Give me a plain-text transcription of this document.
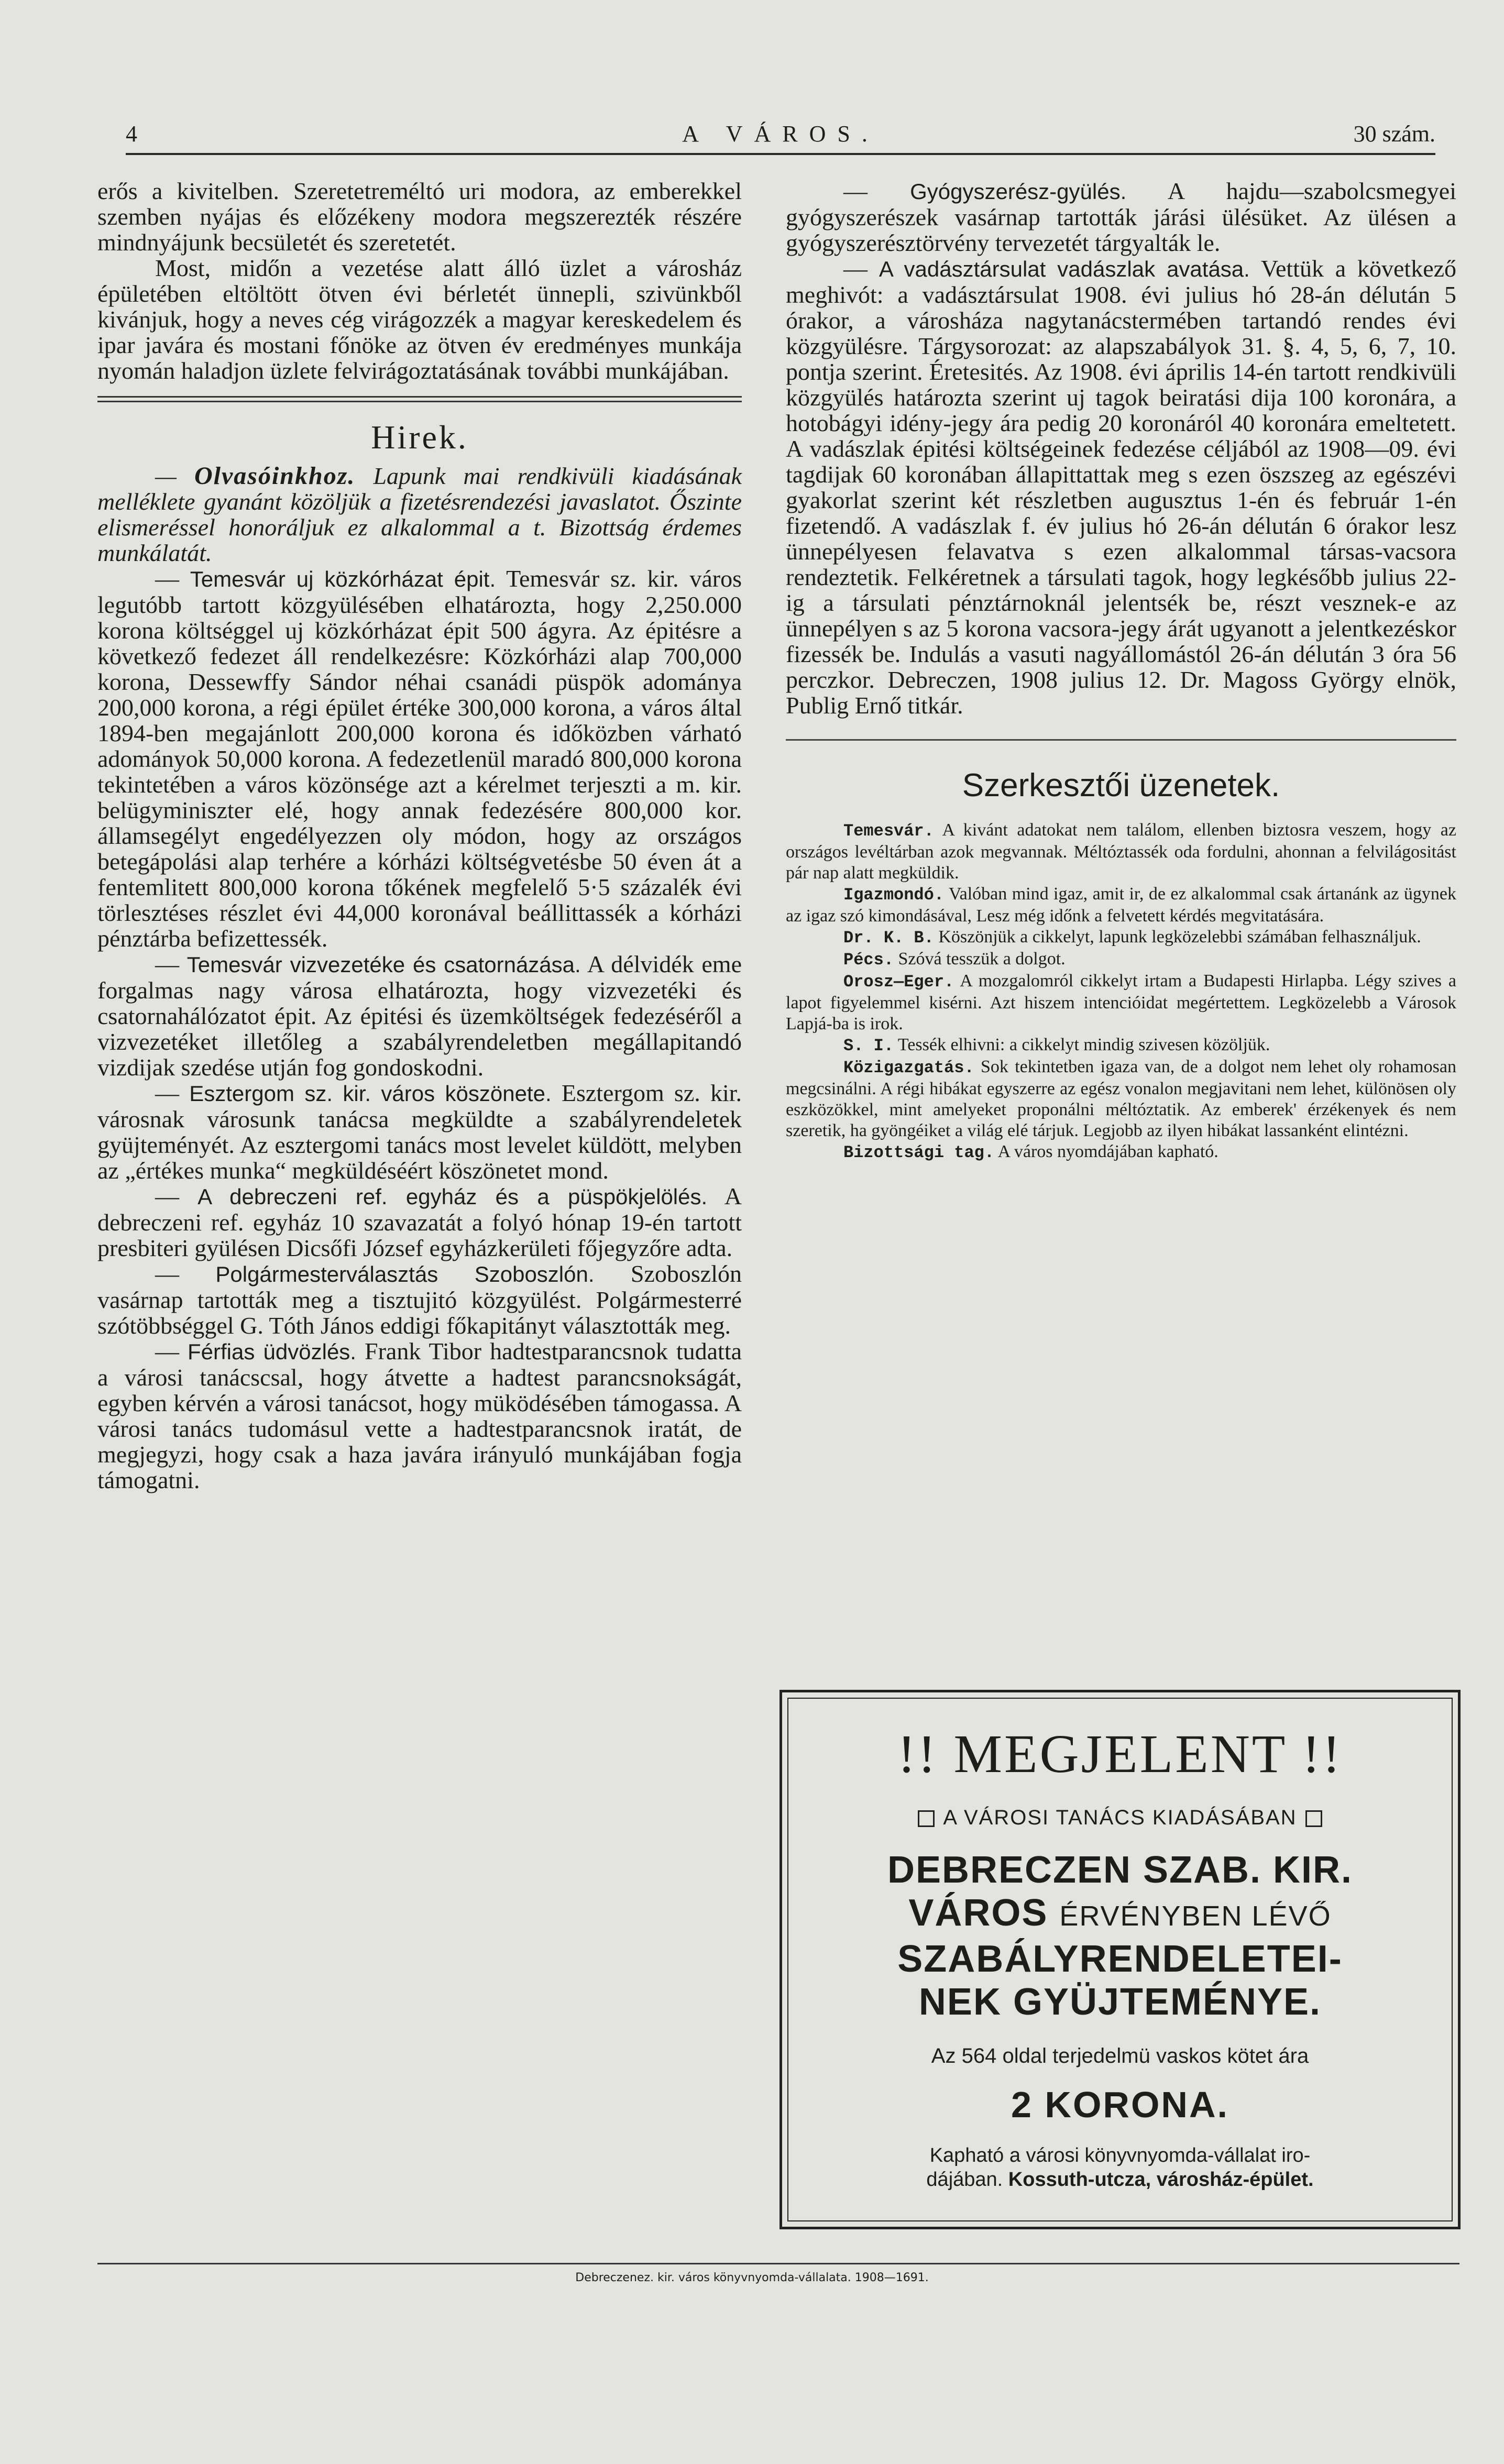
4	A VÁROS.	30 szám.

erős a kivitelben. Szeretetreméltó uri modora, az emberekkel szemben nyájas és előzékeny modora megszerezték részére mindnyájunk becsületét és szeretetét.

Most, midőn a vezetése alatt álló üzlet a városház épületében eltöltött ötven évi bérletét ünnepli, szivünkből kivánjuk, hogy a neves cég virágozzék a magyar kereskedelem és ipar javára és mostani főnöke az ötven év eredményes munkája nyomán haladjon üzlete felvirágoztatásának további munkájában.

Hirek.

— Olvasóinkhoz. Lapunk mai rendkivüli kiadásának melléklete gyanánt közöljük a fizetésrendezési javaslatot. Őszinte elismeréssel honoráljuk ez alkalommal a t. Bizottság érdemes munkálatát.

— Temesvár uj közkórházat épit. Temesvár sz. kir. város legutóbb tartott közgyülésében elhatározta, hogy 2,250.000 korona költséggel uj közkórházat épit 500 ágyra. Az épitésre a következő fedezet áll rendelkezésre: Közkórházi alap 700,000 korona, Dessewffy Sándor néhai csanádi püspök adománya 200,000 korona, a régi épület értéke 300,000 korona, a város által 1894-ben megajánlott 200,000 korona és időközben várható adományok 50,000 korona. A fedezetlenül maradó 800,000 korona tekintetében a város közönsége azt a kérelmet terjeszti a m. kir. belügyminiszter elé, hogy annak fedezésére 800,000 kor. államsegélyt engedélyezzen oly módon, hogy az országos betegápolási alap terhére a kórházi költségvetésbe 50 éven át a fentemlitett 800,000 korona tőkének megfelelő 5·5 százalék évi törlesztéses részlet évi 44,000 koronával beállittassék a kórházi pénztárba befizettessék.

— Temesvár vizvezetéke és csatornázása. A délvidék eme forgalmas nagy városa elhatározta, hogy vizvezetéki és csatornahálózatot épit. Az épitési és üzemköltségek fedezéséről a vizvezetéket illetőleg a szabályrendeletben megállapitandó vizdijak szedése utján fog gondoskodni.

— Esztergom sz. kir. város köszönete. Esztergom sz. kir. városnak városunk tanácsa megküldte a szabályrendeletek gyüjteményét. Az esztergomi tanács most levelet küldött, melyben az „értékes munka“ megküldéséért köszönetet mond.

— A debreczeni ref. egyház és a püspökjelölés. A debreczeni ref. egyház 10 szavazatát a folyó hónap 19-én tartott presbiteri gyülésen Dicsőfi József egyházkerületi főjegyzőre adta.

— Polgármesterválasztás Szoboszlón. Szoboszlón vasárnap tartották meg a tisztujitó közgyülést. Polgármesterré szótöbbséggel G. Tóth János eddigi főkapitányt választották meg.

— Férfias üdvözlés. Frank Tibor hadtestparancsnok tudatta a városi tanácscsal, hogy átvette a hadtest parancsnokságát, egyben kérvén a városi tanácsot, hogy müködésében támogassa. A városi tanács tudomásul vette a hadtestparancsnok iratát, de megjegyzi, hogy csak a haza javára irányuló munkájában fogja támogatni.

— Gyógyszerész-gyülés. A hajdu—szabolcsmegyei gyógyszerészek vasárnap tartották járási ülésüket. Az ülésen a gyógyszerésztörvény tervezetét tárgyalták le.

— A vadásztársulat vadászlak avatása. Vettük a következő meghivót: a vadásztársulat 1908. évi julius hó 28-án délután 5 órakor, a városháza nagytanácstermében tartandó rendes évi közgyülésre. Tárgysorozat: az alapszabályok 31. §. 4, 5, 6, 7, 10. pontja szerint. Éretesités. Az 1908. évi április 14-én tartott rendkivüli közgyülés határozta szerint uj tagok beiratási dija 100 koronára, a hotobágyi idény-jegy ára pedig 20 koronáról 40 koronára emeltetett. A vadászlak épitési költségeinek fedezése céljából az 1908—09. évi tagdijak 60 koronában állapittattak meg s ezen öszszeg az egészévi gyakorlat szerint két részletben augusztus 1-én és február 1-én fizetendő. A vadászlak f. év julius hó 26-án délután 6 órakor lesz ünnepélyesen felavatva s ezen alkalommal társas-vacsora rendeztetik. Felkéretnek a társulati tagok, hogy legkésőbb julius 22-ig a társulati pénztárnoknál jelentsék be, részt vesznek-e az ünnepélyen s az 5 korona vacsora-jegy árát ugyanott a jelentkezéskor fizessék be. Indulás a vasuti nagyállomástól 26-án délután 3 óra 56 perczkor. Debreczen, 1908 julius 12. Dr. Magoss György elnök, Publig Ernő titkár.

Szerkesztői üzenetek.

Temesvár. A kivánt adatokat nem találom, ellenben biztosra veszem, hogy az országos levéltárban azok megvannak. Méltóztassék oda fordulni, ahonnan a felvilágositást pár nap alatt megküldik.

Igazmondó. Valóban mind igaz, amit ir, de ez alkalommal csak ártanánk az ügynek az igaz szó kimondásával, Lesz még időnk a felvetett kérdés megvitatására.

Dr. K. B. Köszönjük a cikkelyt, lapunk legközelebbi számában felhasználjuk.

Pécs. Szóvá tesszük a dolgot.

Orosz—Eger. A mozgalomról cikkelyt irtam a Budapesti Hirlapba. Légy szives a lapot figyelemmel kisérni. Azt hiszem intencióidat megértettem. Legközelebb a Városok Lapjá-ba is irok.

S. I. Tessék elhivni: a cikkelyt mindig szivesen közöljük.

Közigazgatás. Sok tekintetben igaza van, de a dolgot nem lehet oly rohamosan megcsinálni. A régi hibákat egyszerre az egész vonalon megjavitani nem lehet, különösen oly eszközökkel, mint amelyeket proponálni méltóztatik. Az emberek' érzékenyek és nem szeretik, ha gyöngéiket a világ elé tárjuk. Legjobb az ilyen hibákat lassanként elintézni.

Bizottsági tag. A város nyomdájában kapható.

!! MEGJELENT !!
A VÁROSI TANÁCS KIADÁSÁBAN
DEBRECZEN SZAB. KIR.
VÁROS ÉRVÉNYBEN LÉVŐ
SZABÁLYRENDELETEI-
NEK GYÜJTEMÉNYE.
Az 564 oldal terjedelmü vaskos kötet ára
2 KORONA.
Kapható a városi könyvnyomda-vállalat iro-
dájában. Kossuth-utcza, városház-épület.
Debreczenez. kir. város könyvnyomda-vállalata. 1908—1691.
